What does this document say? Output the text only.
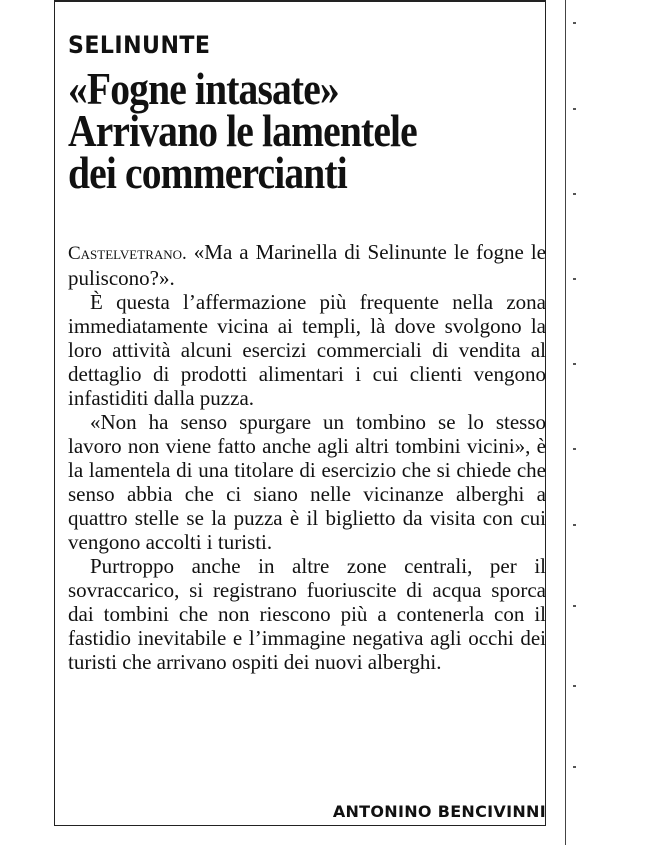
SELINUNTE
«Fogne intasate»
Arrivano le lamentele
dei commercianti

Castelvetrano. «Ma a Marinella di Selinunte le fogne le puliscono?».

È questa l’affermazione più frequente nella zona immediatamente vicina ai templi, là dove svolgono la loro attività alcuni esercizi commerciali di vendita al dettaglio di prodotti alimentari i cui clienti vengono infastiditi dalla puzza.

«Non ha senso spurgare un tombino se lo stesso lavoro non viene fatto anche agli altri tombini vicini», è la lamentela di una titolare di esercizio che si chiede che senso abbia che ci siano nelle vicinanze alberghi a quattro stelle se la puzza è il biglietto da visita con cui vengono accolti i turisti.

Purtroppo anche in altre zone centrali, per il sovraccarico, si registrano fuoriuscite di acqua sporca dai tombini che non riescono più a contenerla con il fastidio inevitabile e l’immagine negativa agli occhi dei turisti che arrivano ospiti dei nuovi alberghi.

ANTONINO BENCIVINNI
